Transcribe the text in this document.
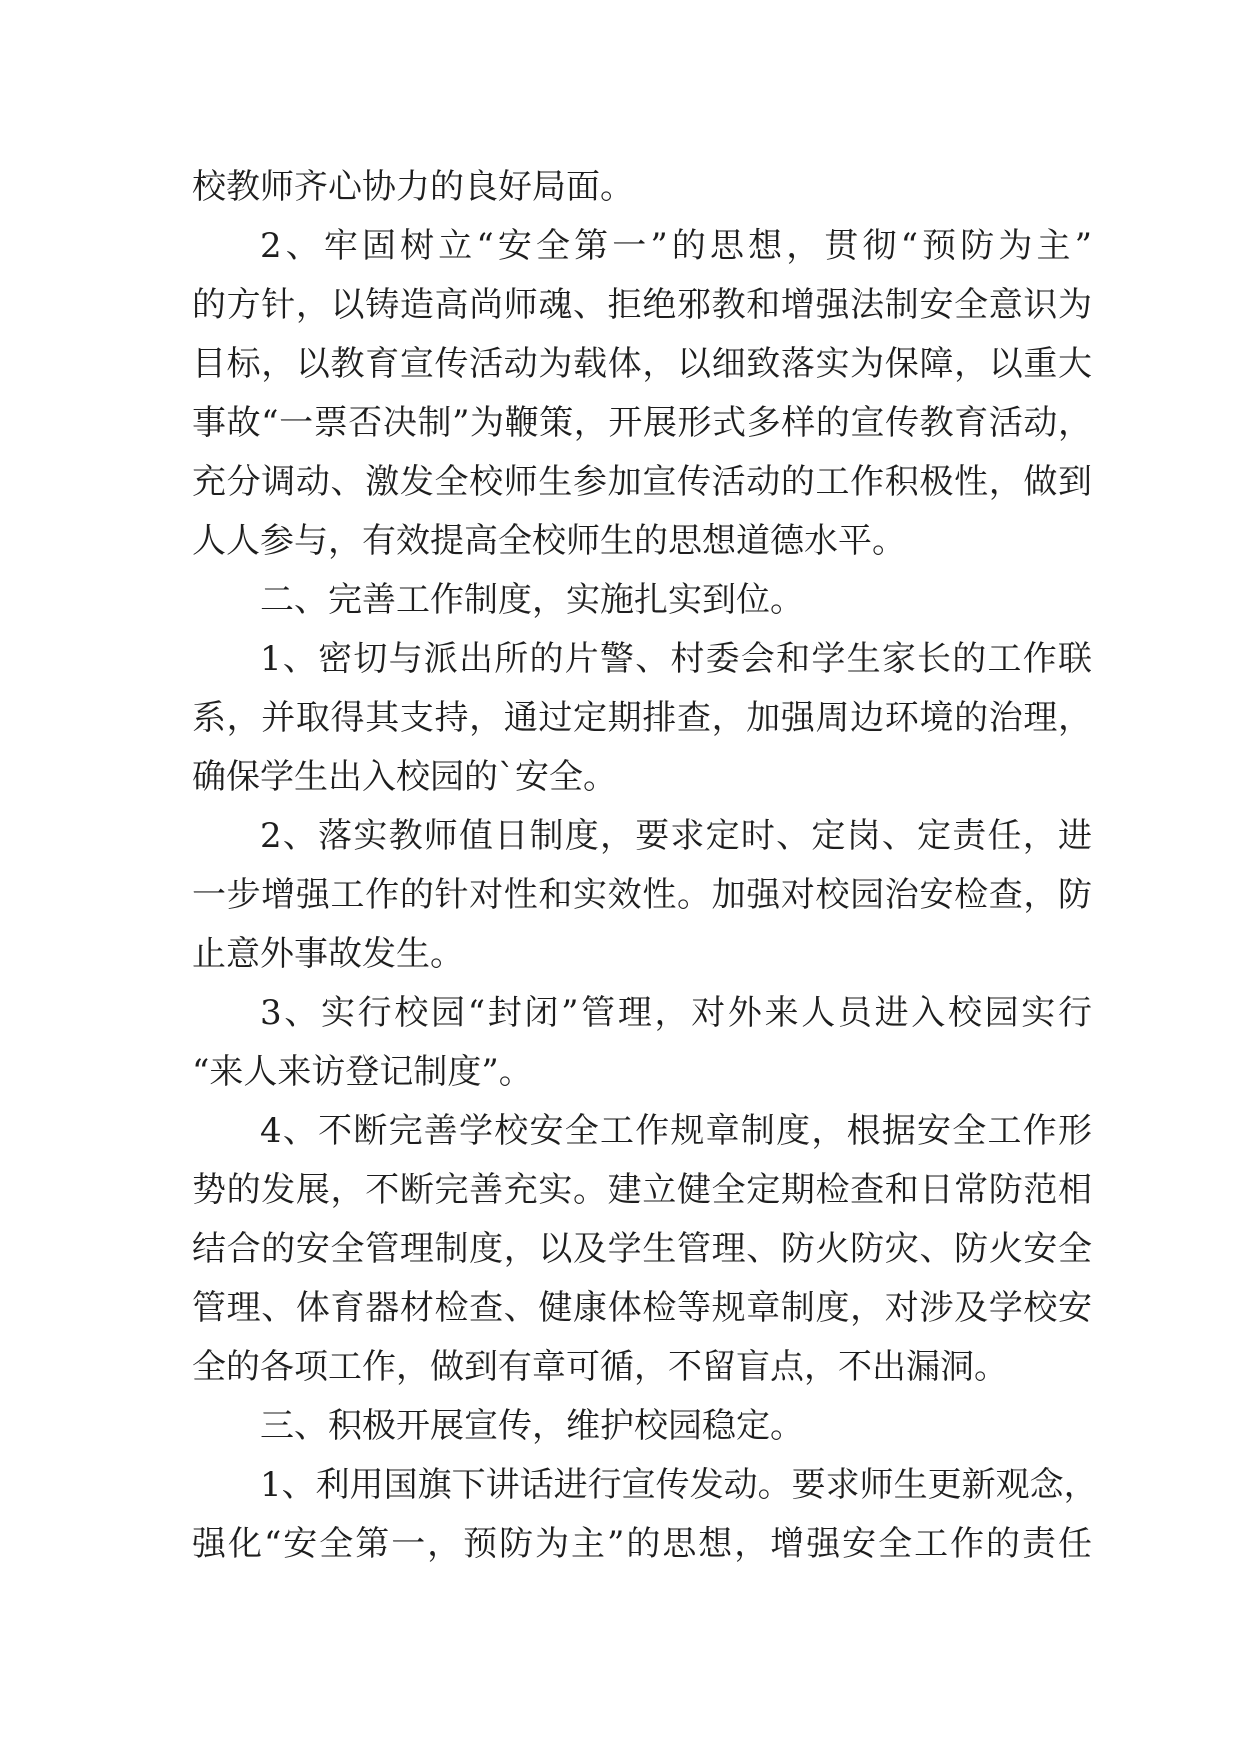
校教师齐心协力的良好局面。
2、牢固树立“安全第一”的思想，贯彻“预防为主”
的方针，以铸造高尚师魂、拒绝邪教和增强法制安全意识为
目标，以教育宣传活动为载体，以细致落实为保障，以重大
事故“一票否决制”为鞭策，开展形式多样的宣传教育活动，
充分调动、激发全校师生参加宣传活动的工作积极性，做到
人人参与，有效提高全校师生的思想道德水平。
二、完善工作制度，实施扎实到位。
1、密切与派出所的片警、村委会和学生家长的工作联
系，并取得其支持，通过定期排查，加强周边环境的治理，
确保学生出入校园的`安全。
2、落实教师值日制度，要求定时、定岗、定责任，进
一步增强工作的针对性和实效性。加强对校园治安检查，防
止意外事故发生。
3、实行校园“封闭”管理，对外来人员进入校园实行
“来人来访登记制度”。
4、不断完善学校安全工作规章制度，根据安全工作形
势的发展，不断完善充实。建立健全定期检查和日常防范相
结合的安全管理制度，以及学生管理、防火防灾、防火安全
管理、体育器材检查、健康体检等规章制度，对涉及学校安
全的各项工作，做到有章可循，不留盲点，不出漏洞。
三、积极开展宣传，维护校园稳定。
1、利用国旗下讲话进行宣传发动。要求师生更新观念，
强化“安全第一，预防为主”的思想，增强安全工作的责任
